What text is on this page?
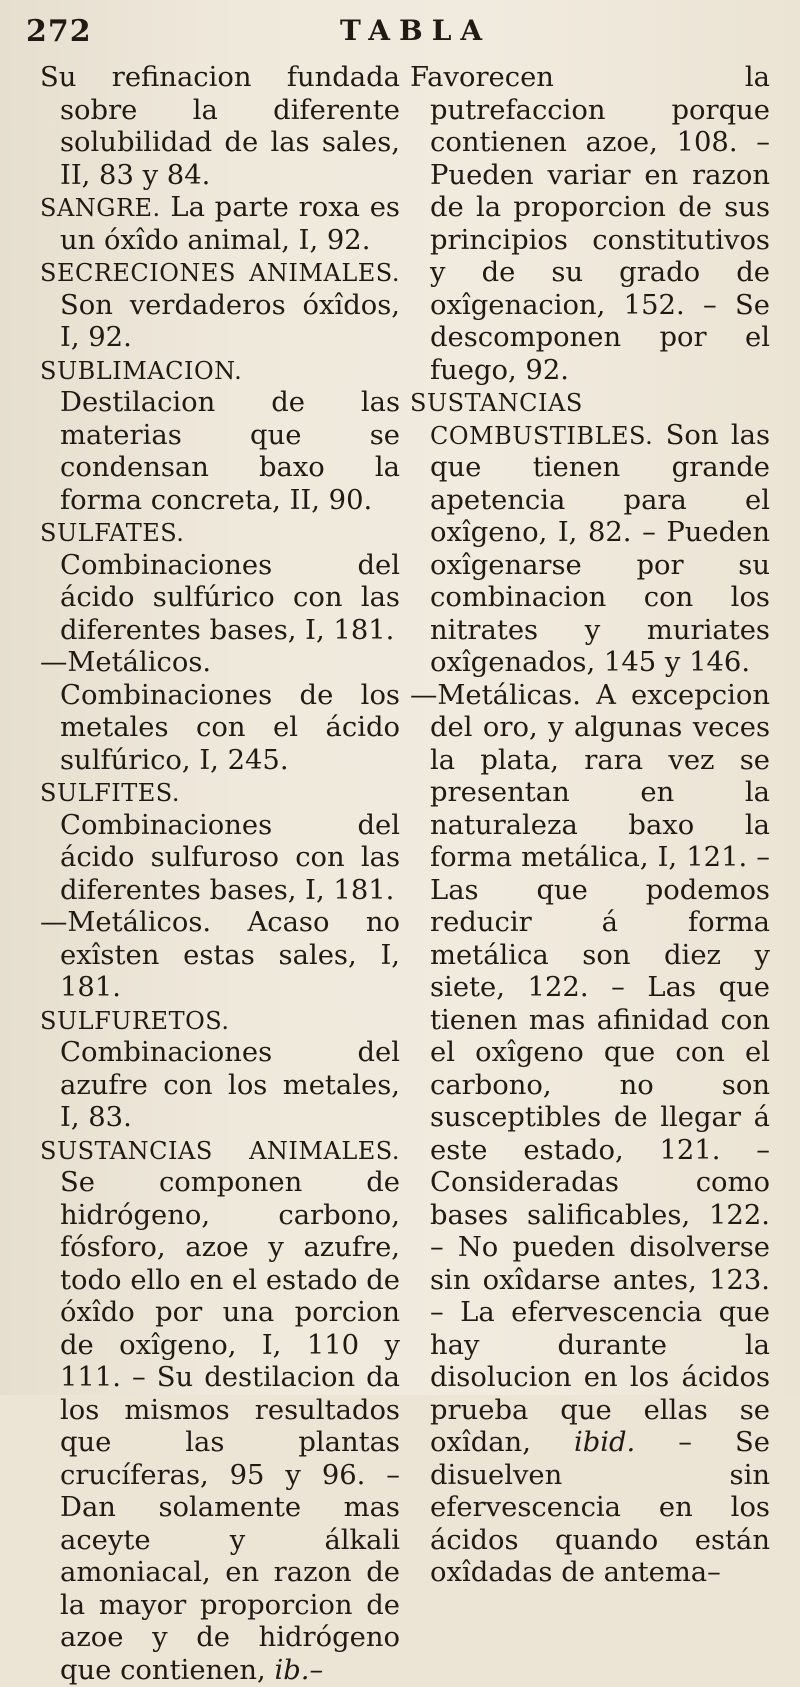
272	TABLA

Su refinacion fundada sobre la diferente solubilidad de las sales, II, 83 y 84.

SANGRE. La parte roxa es un óxîdo animal, I, 92.

SECRECIONES ANIMALES. Son verdaderos óxîdos, I, 92.

SUBLIMACION. Destilacion de las materias que se condensan baxo la forma concreta, II, 90.

SULFATES. Combinaciones del ácido sulfúrico con las diferentes bases, I, 181.

—Metálicos. Combinaciones de los metales con el ácido sulfúrico, I, 245.

SULFITES. Combinaciones del ácido sulfuroso con las diferentes bases, I, 181.

—Metálicos. Acaso no exîsten estas sales, I, 181.

SULFURETOS. Combinaciones del azufre con los metales, I, 83.

SUSTANCIAS ANIMALES. Se componen de hidrógeno, carbono, fósforo, azoe y azufre, todo ello en el estado de óxîdo por una porcion de oxîgeno, I, 110 y 111. – Su destilacion da los mismos resultados que las plantas crucíferas, 95 y 96. – Dan solamente mas aceyte y álkali amoniacal, en razon de la mayor proporcion de azoe y de hidrógeno que contienen, ib.–

Favorecen la putrefaccion porque contienen azoe, 108. – Pueden variar en razon de la proporcion de sus principios constitutivos y de su grado de oxîgenacion, 152. – Se descomponen por el fuego, 92.

SUSTANCIAS COMBUSTIBLES. Son las que tienen grande apetencia para el oxîgeno, I, 82. – Pueden oxîgenarse por su combinacion con los nitrates y muriates oxîgenados, 145 y 146.

—Metálicas. A excepcion del oro, y algunas veces la plata, rara vez se presentan en la naturaleza baxo la forma metálica, I, 121. – Las que podemos reducir á forma metálica son diez y siete, 122. – Las que tienen mas afinidad con el oxîgeno que con el carbono, no son susceptibles de llegar á este estado, 121. – Consideradas como bases salificables, 122. – No pueden disolverse sin oxîdarse antes, 123. – La efervescencia que hay durante la disolucion en los ácidos prueba que ellas se oxîdan, ibid. – Se disuelven sin efervescencia en los ácidos quando están oxîdadas de antema–
